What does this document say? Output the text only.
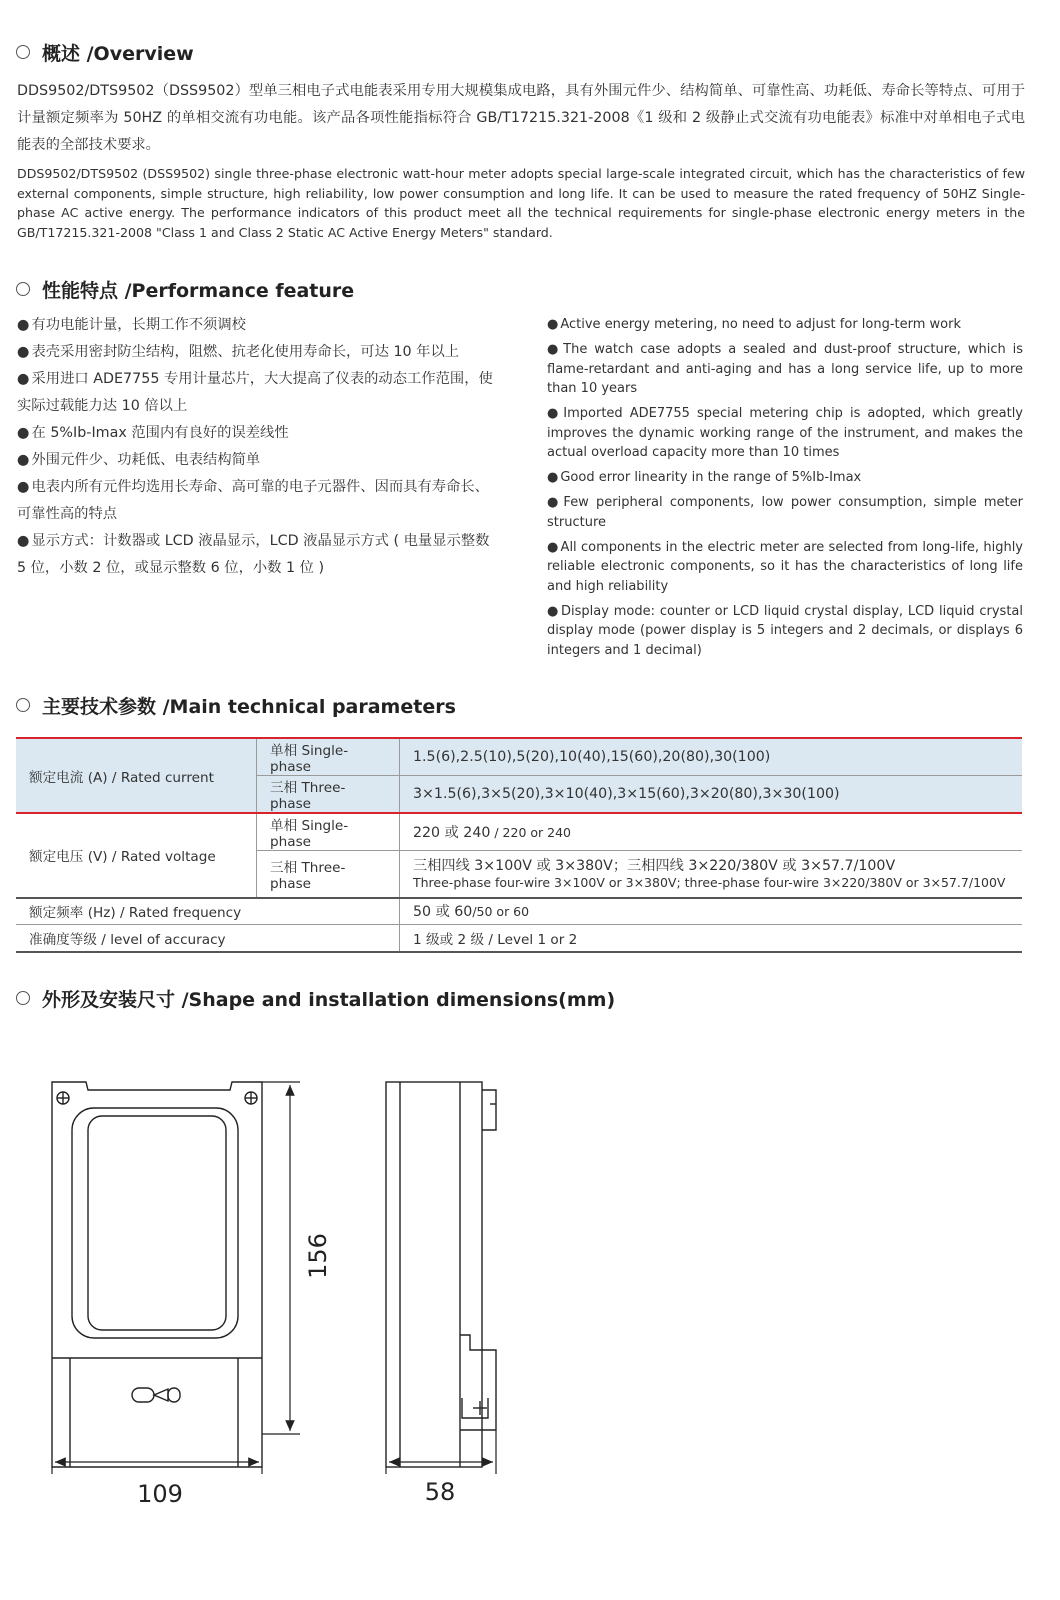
概述 /Overview
DDS9502/DTS9502（DSS9502）型单三相电子式电能表采用专用大规模集成电路，具有外围元件少、结构简单、可靠性高、功耗低、寿命长等特点、可用于计量额定频率为 50HZ 的单相交流有功电能。该产品各项性能指标符合 GB/T17215.321-2008《1 级和 2 级静止式交流有功电能表》标准中对单相电子式电能表的全部技术要求。
DDS9502/DTS9502 (DSS9502) single three-phase electronic watt-hour meter adopts special large-scale integrated circuit, which has the characteristics of few external components, simple structure, high reliability, low power consumption and long life. It can be used to measure the rated frequency of 50HZ Single-phase AC active energy. The performance indicators of this product meet all the technical requirements for single-phase electronic energy meters in the GB/T17215.321-2008 "Class 1 and Class 2 Static AC Active Energy Meters" standard.
性能特点 /Performance feature
● 有功电能计量，长期工作不须调校
● 表壳采用密封防尘结构，阻燃、抗老化使用寿命长，可达 10 年以上
● 采用进口 ADE7755 专用计量芯片，大大提高了仪表的动态工作范围，使实际过载能力达 10 倍以上
● 在 5%Ib-Imax 范围内有良好的误差线性
● 外围元件少、功耗低、电表结构简单
● 电表内所有元件均选用长寿命、高可靠的电子元器件、因而具有寿命长、可靠性高的特点
● 显示方式：计数器或 LCD 液晶显示，LCD 液晶显示方式 ( 电量显示整数 5 位，小数 2 位，或显示整数 6 位，小数 1 位 )
● Active energy metering, no need to adjust for long-term work
● The watch case adopts a sealed and dust-proof structure, which is flame-retardant and anti-aging and has a long service life, up to more than 10 years
● Imported ADE7755 special metering chip is adopted, which greatly improves the dynamic working range of the instrument, and makes the actual overload capacity more than 10 times
● Good error linearity in the range of 5%Ib-Imax
● Few peripheral components, low power consumption, simple meter structure
● All components in the electric meter are selected from long-life, highly reliable electronic components, so it has the characteristics of long life and high reliability
● Display mode: counter or LCD liquid crystal display, LCD liquid crystal display mode (power display is 5 integers and 2 decimals, or displays 6 integers and 1 decimal)
主要技术参数 /Main technical parameters
额定电流 (A) / Rated current	单相 Single-phase	1.5(6),2.5(10),5(20),10(40),15(60),20(80),30(100)
	三相 Three-phase	3×1.5(6),3×5(20),3×10(40),3×15(60),3×20(80),3×30(100)
额定电压 (V) / Rated voltage	单相 Single-phase	220 或 240 / 220 or 240
	三相 Three-phase	三相四线 3×100V 或 3×380V；三相四线 3×220/380V 或 3×57.7/100V
Three-phase four-wire 3×100V or 3×380V; three-phase four-wire 3×220/380V or 3×57.7/100V

额定频率 (Hz) / Rated frequency		50 或 60/50 or 60
准确度等级 / level of accuracy		1 级或 2 级 / Level 1 or 2
外形及安装尺寸 /Shape and installation dimensions(mm)
156
109	58
